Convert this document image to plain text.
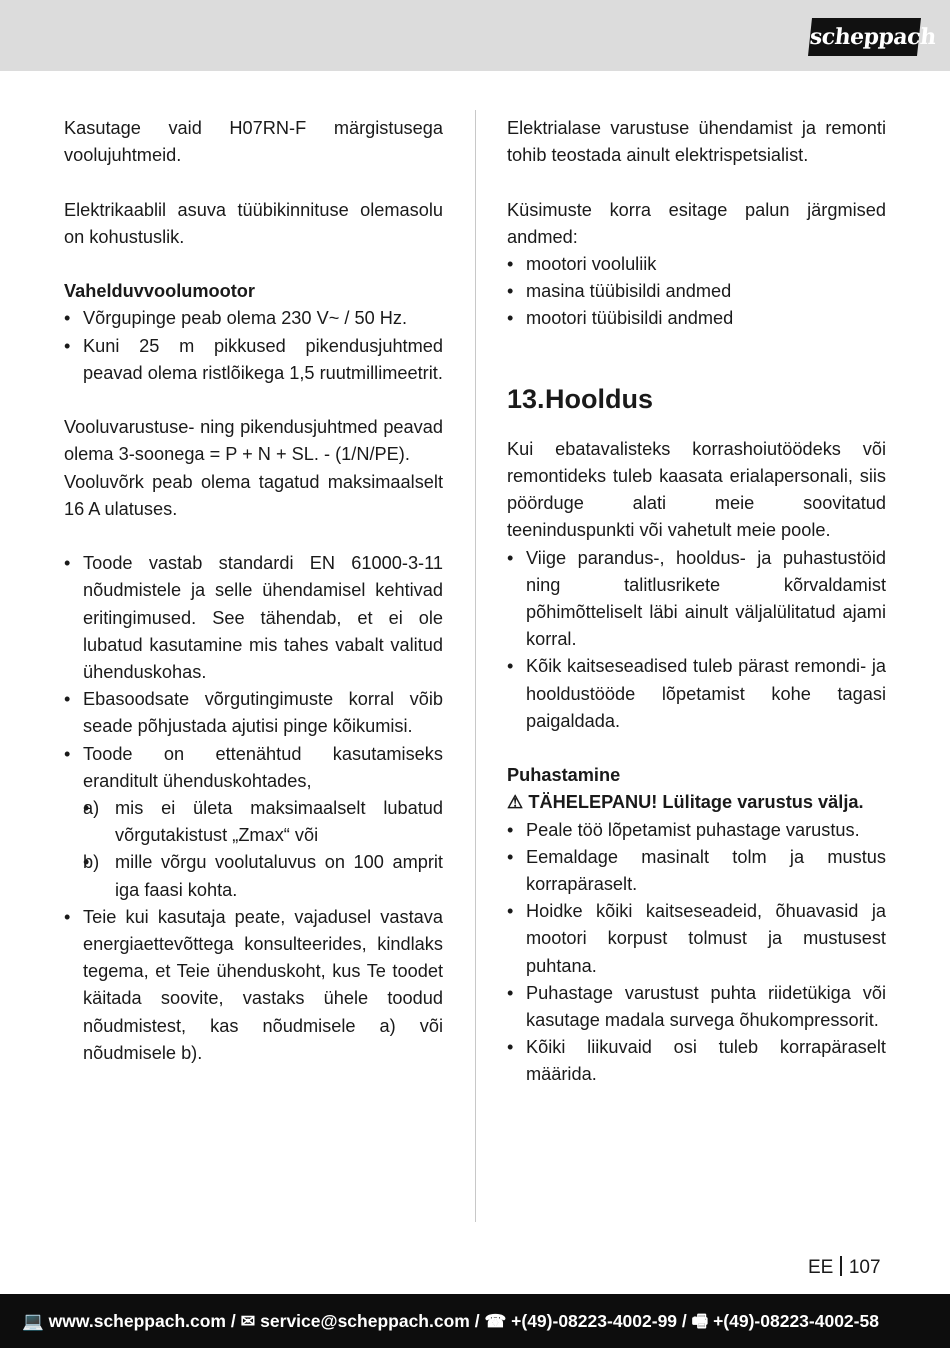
scheppach

Kasutage vaid H07RN-F märgistusega voolujuhtmeid.

Elektrikaablil asuva tüübikinnituse olemasolu on kohustuslik.

Vahelduvvoolumootor

• Võrgupinge peab olema 230 V~ / 50 Hz.
• Kuni 25 m pikkused pikendusjuhtmed peavad olema ristlõikega 1,5 ruutmillimeetrit.

Vooluvarustuse- ning pikendusjuhtmed peavad olema 3-soonega = P + N + SL. - (1/N/PE).

Vooluvõrk peab olema tagatud maksimaalselt 16 A ulatuses.

• Toode vastab standardi EN 61000-3-11 nõudmistele ja selle ühendamisel kehtivad eritingimused. See tähendab, et ei ole lubatud kasutamine mis tahes vabalt valitud ühenduskohas.
• Ebasoodsate võrgutingimuste korral võib seade põhjustada ajutisi pinge kõikumisi.
• Toode on ettenähtud kasutamiseks eranditult ühenduskohtades,
• a) mis ei ületa maksimaalselt lubatud võrgutakistust „Zmax“ või
• b) mille võrgu voolutaluvus on 100 amprit iga faasi kohta.
• Teie kui kasutaja peate, vajadusel vastava energiaettevõttega konsulteerides, kindlaks tegema, et Teie ühenduskoht, kus Te toodet käitada soovite, vastaks ühele toodud nõudmistest, kas nõudmisele a) või nõudmisele b).

Elektrialase varustuse ühendamist ja remonti tohib teostada ainult elektrispetsialist.

Küsimuste korra esitage palun järgmised andmed:

• mootori vooluliik
• masina tüübisildi andmed
• mootori tüübisildi andmed
13.Hooldus

Kui ebatavalisteks korrashoiutöödeks või remontideks tuleb kaasata erialapersonali, siis pöörduge alati meie soovitatud teeninduspunkti või vahetult meie poole.

• Viige parandus-, hooldus- ja puhastustöid ning talitlusrikete kõrvaldamist põhimõtteliselt läbi ainult väljalülitatud ajami korral.
• Kõik kaitseseadised tuleb pärast remondi- ja hooldustööde lõpetamist kohe tagasi paigaldada.

Puhastamine

⚠ TÄHELEPANU! Lülitage varustus välja.

• Peale töö lõpetamist puhastage varustus.
• Eemaldage masinalt tolm ja mustus korrapäraselt.
• Hoidke kõiki kaitseseadeid, õhuavasid ja mootori korpust tolmust ja mustusest puhtana.
• Puhastage varustust puhta riidetükiga või kasutage madala survega õhukompressorit.
• Kõiki liikuvaid osi tuleb korrapäraselt määrida.
EE 107
💻 www.scheppach.com / ✉ service@scheppach.com / ☎ +(49)-08223-4002-99 / 🖷 +(49)-08223-4002-58
